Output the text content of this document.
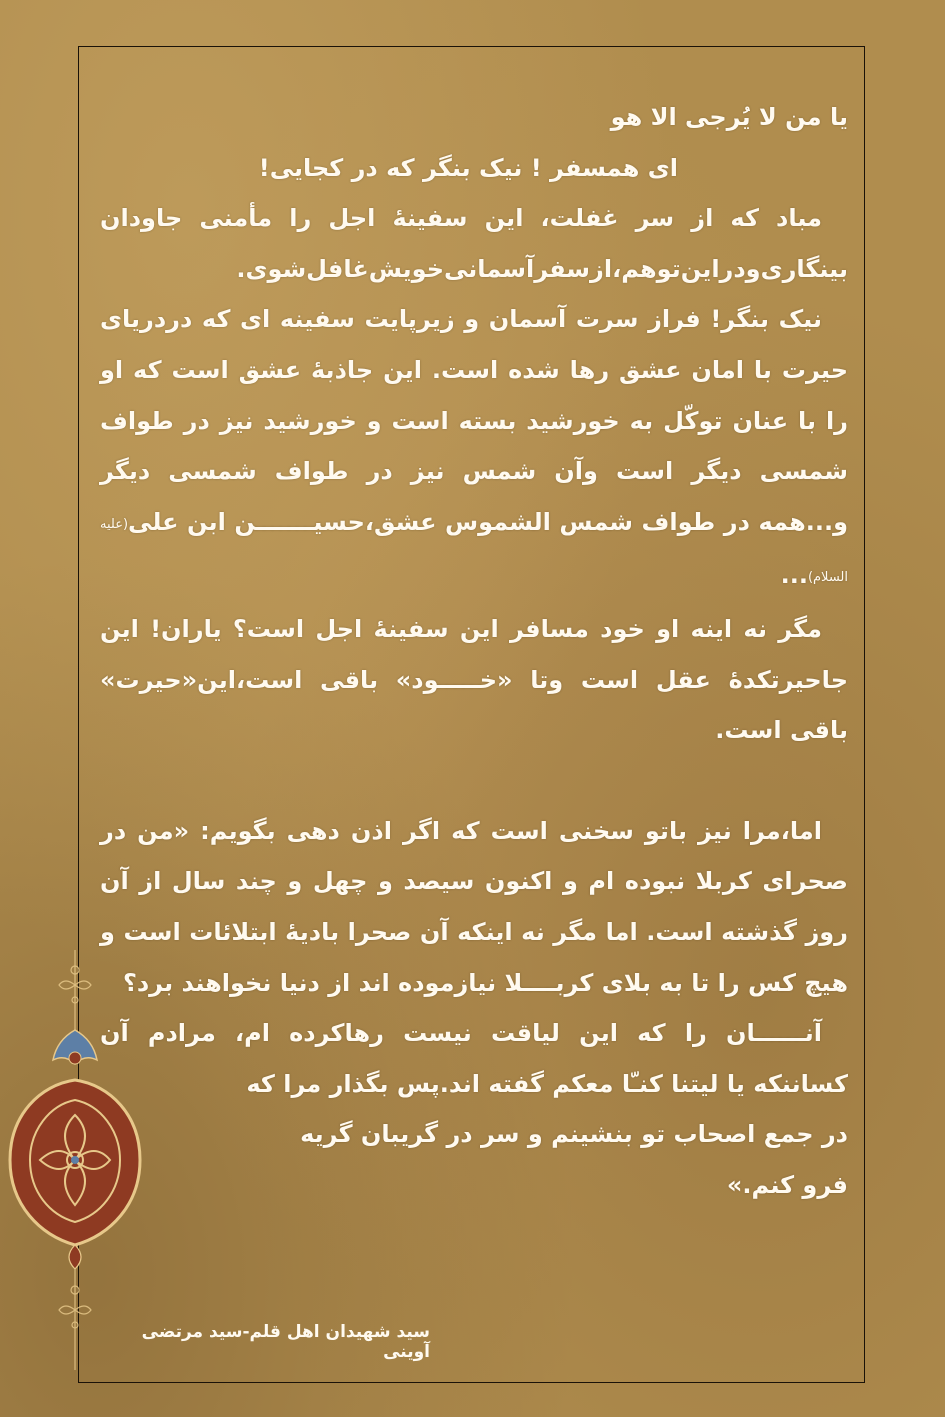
یا من لا یُرجی الا هو

ای همسفر ! نیک بنگر که در کجایی!

مباد که از سر غفلت، این سفینهٔ اجل را مأمنی جاودان بینگاری‌ودراین‌توهم،ازسفرآسمانی‌خویش‌غافل‌شوی.

نیک بنگر! فراز سرت آسمان و زیرپایت سفینه ای که دردریای حیرت با امان عشق رها شده است. این جاذبهٔ عشق است که او را با عنان توکّل به خورشید بسته است و خورشید نیز در طواف شمسی دیگر است وآن شمس نیز در طواف شمسی دیگر و...همه در طواف شمس الشموس عشق،حسیـــــــن ابن علی(علیه السلام)...

مگر نه اینه او خود مسافر این سفینهٔ اجل است؟ یاران! این جاحیرتکدهٔ عقل است وتا «خـــــود» باقی است،این«حیرت» باقی است.

اما،مرا نیز باتو سخنی است که اگر اذن دهی بگویم: «من در صحرای کربلا نبوده ام و اکنون سیصد و چهل و چند سال از آن روز گذشته است. اما مگر نه اینکه آن صحرا بادیهٔ ابتلائات است و هیچ کس را تا به بلای کربــــلا نیازموده اند از دنیا نخواهند برد؟

آنــــــان را که این لیاقت نیست رهاکرده ام، مرادم آن کساننکه یا لیتنا کنـّا معکم گفته اند.پس بگذار مرا که

در جمع اصحاب تو بنشینم و سر در گریبان گریه

فرو کنم.»

سید شهیدان اهل قلم-سید مرتضی آوینی
